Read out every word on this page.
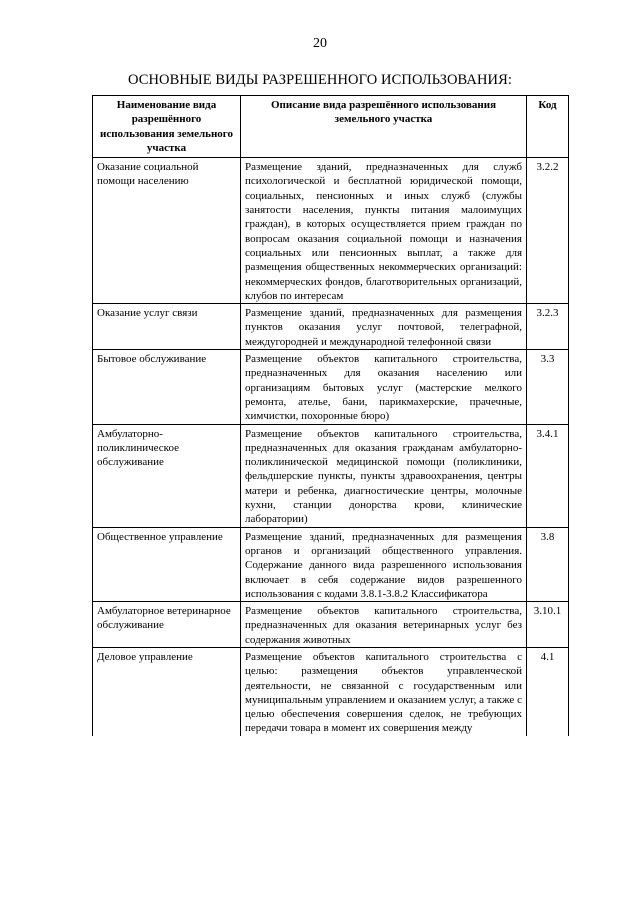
20
ОСНОВНЫЕ ВИДЫ РАЗРЕШЕННОГО ИСПОЛЬЗОВАНИЯ:
Наименование вида разрешённого использования земельного участка	Описание вида разрешённого использования земельного участка	Код
Оказание социальной помощи населению	Размещение зданий, предназначенных для служб психологической и бесплатной юридической помощи, социальных, пенсионных и иных служб (службы занятости населения, пункты питания малоимущих граждан), в которых осуществляется прием граждан по вопросам оказания социальной помощи и назначения социальных или пенсионных выплат, а также для размещения общественных некоммерческих организаций: некоммерческих фондов, благотворительных организаций, клубов по интересам	3.2.2
Оказание услуг связи	Размещение зданий, предназначенных для размещения пунктов оказания услуг почтовой, телеграфной, междугородней и международной телефонной связи	3.2.3
Бытовое обслуживание	Размещение объектов капитального строительства, предназначенных для оказания населению или организациям бытовых услуг (мастерские мелкого ремонта, ателье, бани, парикмахерские, прачечные, химчистки, похоронные бюро)	3.3
Амбулаторно-поликлиническое обслуживание	Размещение объектов капитального строительства, предназначенных для оказания гражданам амбулаторно-поликлинической медицинской помощи (поликлиники, фельдшерские пункты, пункты здравоохранения, центры матери и ребенка, диагностические центры, молочные кухни, станции донорства крови, клинические лаборатории)	3.4.1
Общественное управление	Размещение зданий, предназначенных для размещения органов и организаций общественного управления. Содержание данного вида разрешенного использования включает в себя содержание видов разрешенного использования с кодами 3.8.1-3.8.2 Классификатора	3.8
Амбулаторное ветеринарное обслуживание	Размещение объектов капитального строительства, предназначенных для оказания ветеринарных услуг без содержания животных	3.10.1
Деловое управление	Размещение объектов капитального строительства с целью: размещения объектов управленческой деятельности, не связанной с государственным или муниципальным управлением и оказанием услуг, а также с целью обеспечения совершения сделок, не требующих передачи товара в момент их совершения между	4.1
